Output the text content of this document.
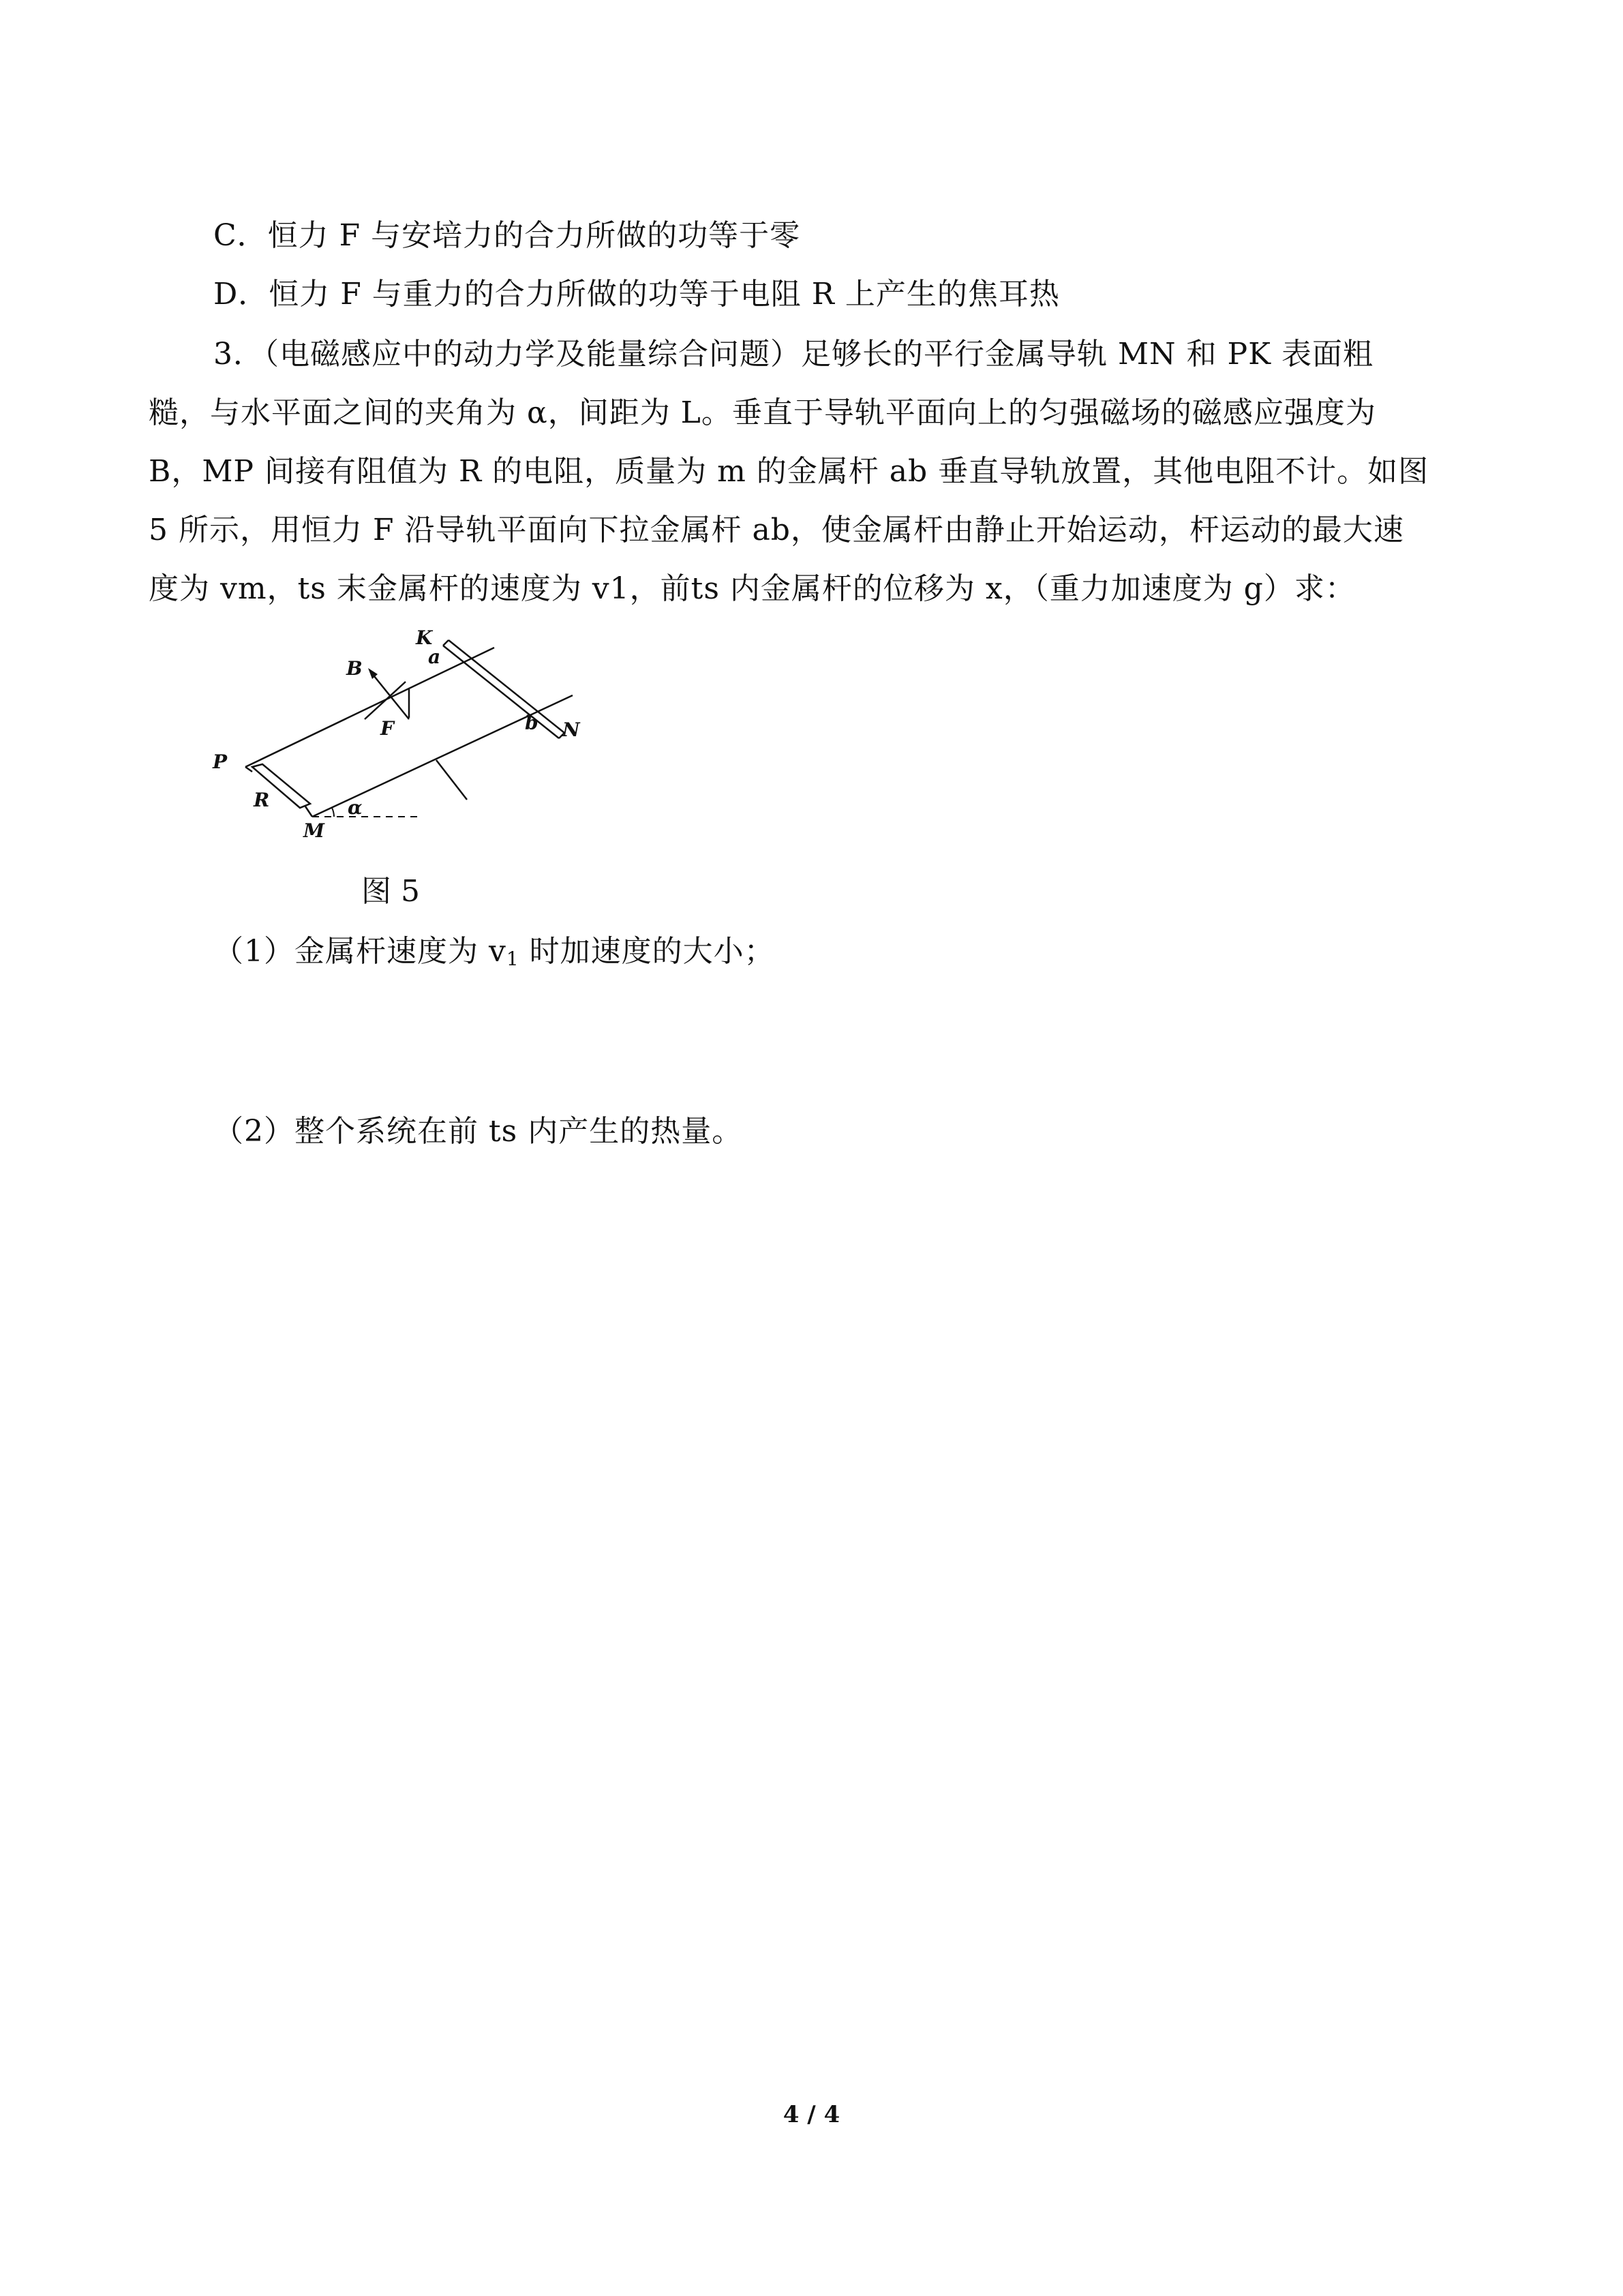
C．恒力 F 与安培力的合力所做的功等于零
D．恒力 F 与重力的合力所做的功等于电阻 R 上产生的焦耳热
3．（电磁感应中的动力学及能量综合问题）足够长的平行金属导轨 MN 和 PK 表面粗
糙，与水平面之间的夹角为 α，间距为 L。垂直于导轨平面向上的匀强磁场的磁感应强度为
B，MP 间接有阻值为 R 的电阻，质量为 m 的金属杆 ab 垂直导轨放置，其他电阻不计。如图
5 所示，用恒力 F 沿导轨平面向下拉金属杆 ab，使金属杆由静止开始运动，杆运动的最大速
度为 vm，ts 末金属杆的速度为 v1，前ts 内金属杆的位移为 x，（重力加速度为 g）求：
K
a
B
F	b N
P
R
M
α
图 5
（1）金属杆速度为 $v_1$ 时加速度的大小；
（2）整个系统在前 ts 内产生的热量。
4 / 4
